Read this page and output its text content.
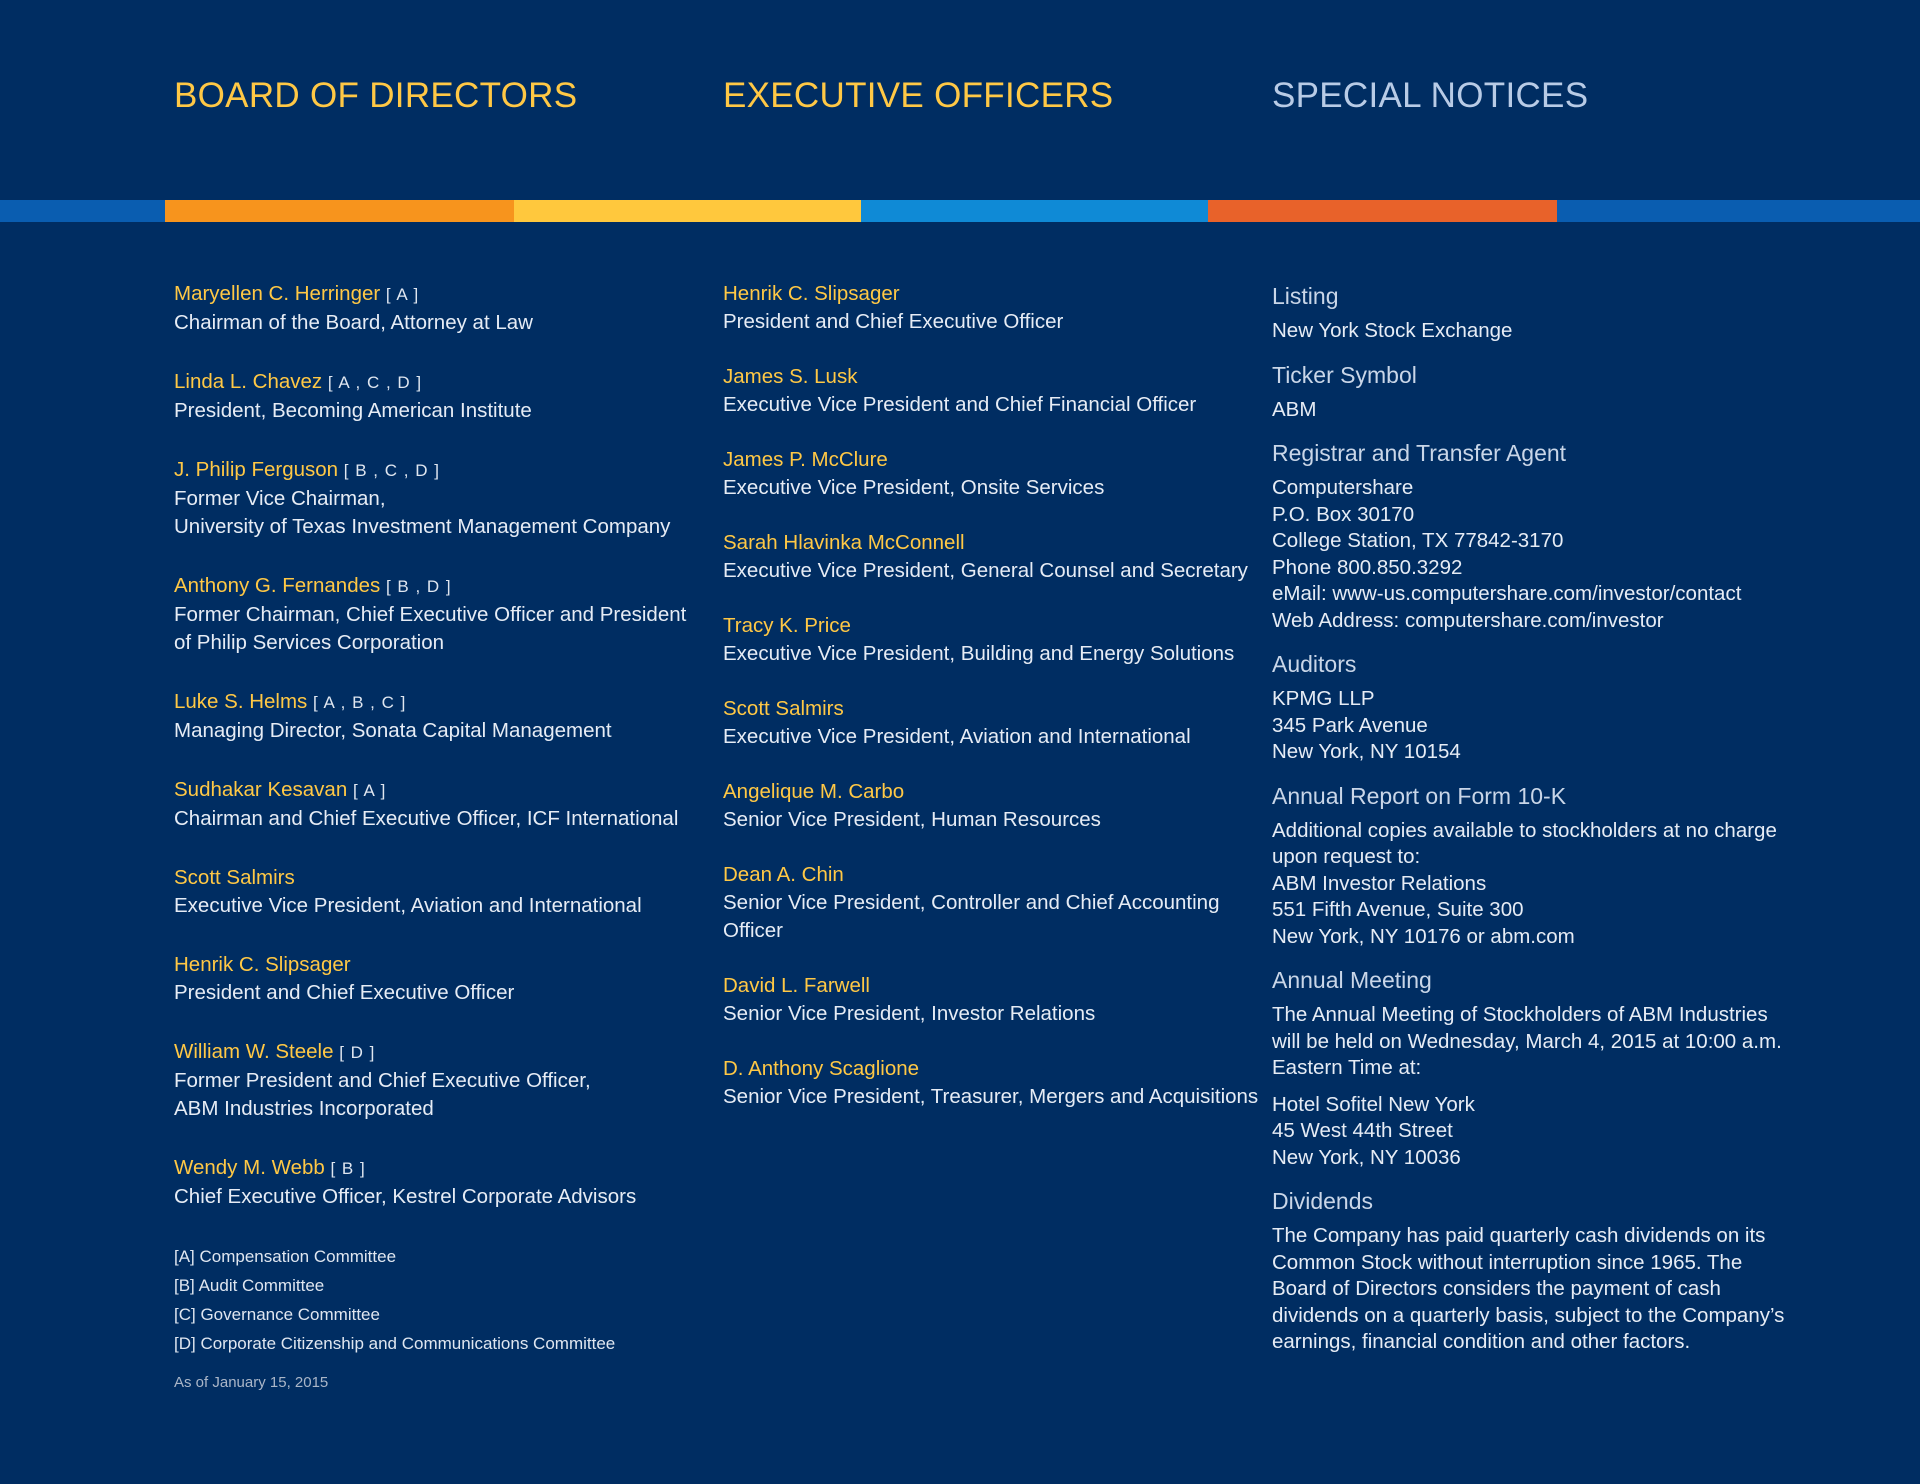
BOARD OF DIRECTORS	EXECUTIVE OFFICERS	SPECIAL NOTICES
Maryellen C. Herringer [ A ]
Chairman of the Board, Attorney at Law
Linda L. Chavez [ A , C , D ]
President, Becoming American Institute
J. Philip Ferguson [ B , C , D ]
Former Vice Chairman,
University of Texas Investment Management Company
Anthony G. Fernandes [ B , D ]
Former Chairman, Chief Executive Officer and President
of Philip Services Corporation
Luke S. Helms [ A , B , C ]
Managing Director, Sonata Capital Management
Sudhakar Kesavan [ A ]
Chairman and Chief Executive Officer, ICF International
Scott Salmirs
Executive Vice President, Aviation and International
Henrik C. Slipsager
President and Chief Executive Officer
William W. Steele [ D ]
Former President and Chief Executive Officer,
ABM Industries Incorporated
Wendy M. Webb [ B ]
Chief Executive Officer, Kestrel Corporate Advisors
[A] Compensation Committee
[B] Audit Committee
[C] Governance Committee
[D] Corporate Citizenship and Communications Committee
As of January 15, 2015
Henrik C. Slipsager
President and Chief Executive Officer
James S. Lusk
Executive Vice President and Chief Financial Officer
James P. McClure
Executive Vice President, Onsite Services
Sarah Hlavinka McConnell
Executive Vice President, General Counsel and Secretary
Tracy K. Price
Executive Vice President, Building and Energy Solutions
Scott Salmirs
Executive Vice President, Aviation and International
Angelique M. Carbo
Senior Vice President, Human Resources
Dean A. Chin
Senior Vice President, Controller and Chief Accounting
Officer
David L. Farwell
Senior Vice President, Investor Relations
D. Anthony Scaglione
Senior Vice President, Treasurer, Mergers and Acquisitions
Listing
New York Stock Exchange
Ticker Symbol
ABM
Registrar and Transfer Agent
Computershare
P.O. Box 30170
College Station, TX 77842-3170
Phone 800.850.3292
eMail: www-us.computershare.com/investor/contact
Web Address: computershare.com/investor
Auditors
KPMG LLP
345 Park Avenue
New York, NY 10154
Annual Report on Form 10-K
Additional copies available to stockholders at no charge
upon request to:
ABM Investor Relations
551 Fifth Avenue, Suite 300
New York, NY 10176 or abm.com
Annual Meeting
The Annual Meeting of Stockholders of ABM Industries
will be held on Wednesday, March 4, 2015 at 10:00 a.m.
Eastern Time at:
Hotel Sofitel New York
45 West 44th Street
New York, NY 10036
Dividends
The Company has paid quarterly cash dividends on its
Common Stock without interruption since 1965. The
Board of Directors considers the payment of cash
dividends on a quarterly basis, subject to the Company’s
earnings, financial condition and other factors.
